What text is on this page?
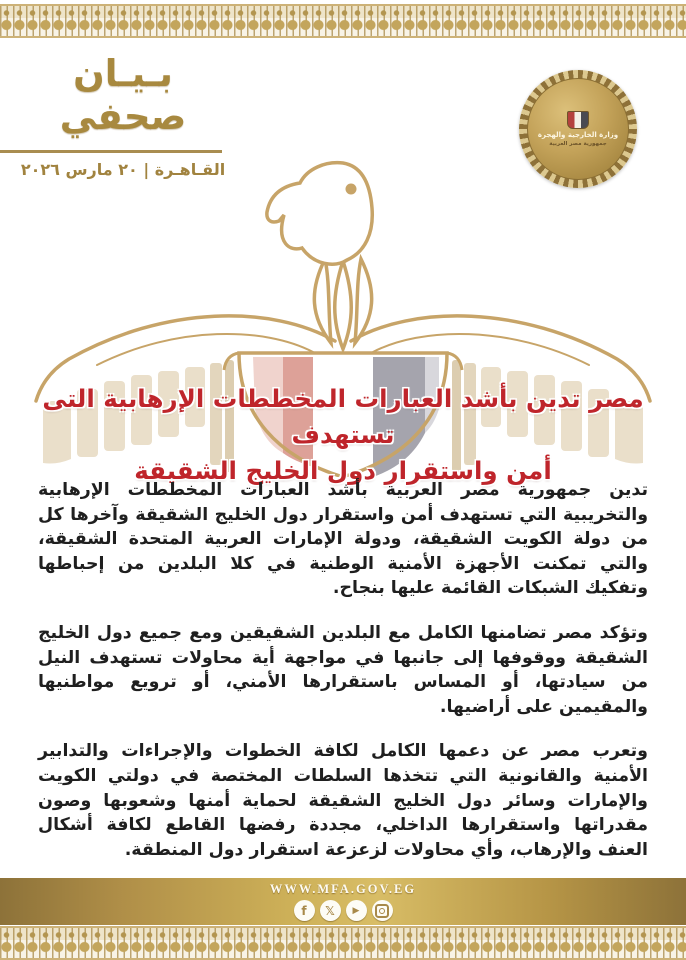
بـيـان صحفي
القـاهـرة | ٢٠ مارس ٢٠٢٦
وزارة الخارجية والهجرة
جمهورية مصر العربية
مصر تدين بأشد العبارات المخططات الإرهابية التى تستهدف
أمن واستقرار دول الخليج الشقيقة

تدين جمهورية مصر العربية بأشد العبارات المخططات الإرهابية والتخريبية التي تستهدف أمن واستقرار دول الخليج الشقيقة وآخرها كل من دولة الكويت الشقيقة، ودولة الإمارات العربية المتحدة الشقيقة، والتي تمكنت الأجهزة الأمنية الوطنية في كلا البلدين من إحباطها وتفكيك الشبكات القائمة عليها بنجاح.

وتؤكد مصر تضامنها الكامل مع البلدين الشقيقين ومع جميع دول الخليج الشقيقة ووقوفها إلى جانبها في مواجهة أية محاولات تستهدف النيل من سيادتها، أو المساس باستقرارها الأمني، أو ترويع مواطنيها والمقيمين على أراضيها.

وتعرب مصر عن دعمها الكامل لكافة الخطوات والإجراءات والتدابير الأمنية والقانونية التي تتخذها السلطات المختصة في دولتي الكويت والإمارات وسائر دول الخليج الشقيقة لحماية أمنها وشعوبها وصون مقدراتها واستقرارها الداخلي، مجددة رفضها القاطع لكافة أشكال العنف والإرهاب، وأي محاولات لزعزعة استقرار دول المنطقة.

WWW.MFA.GOV.EG
f	𝕏	▶
